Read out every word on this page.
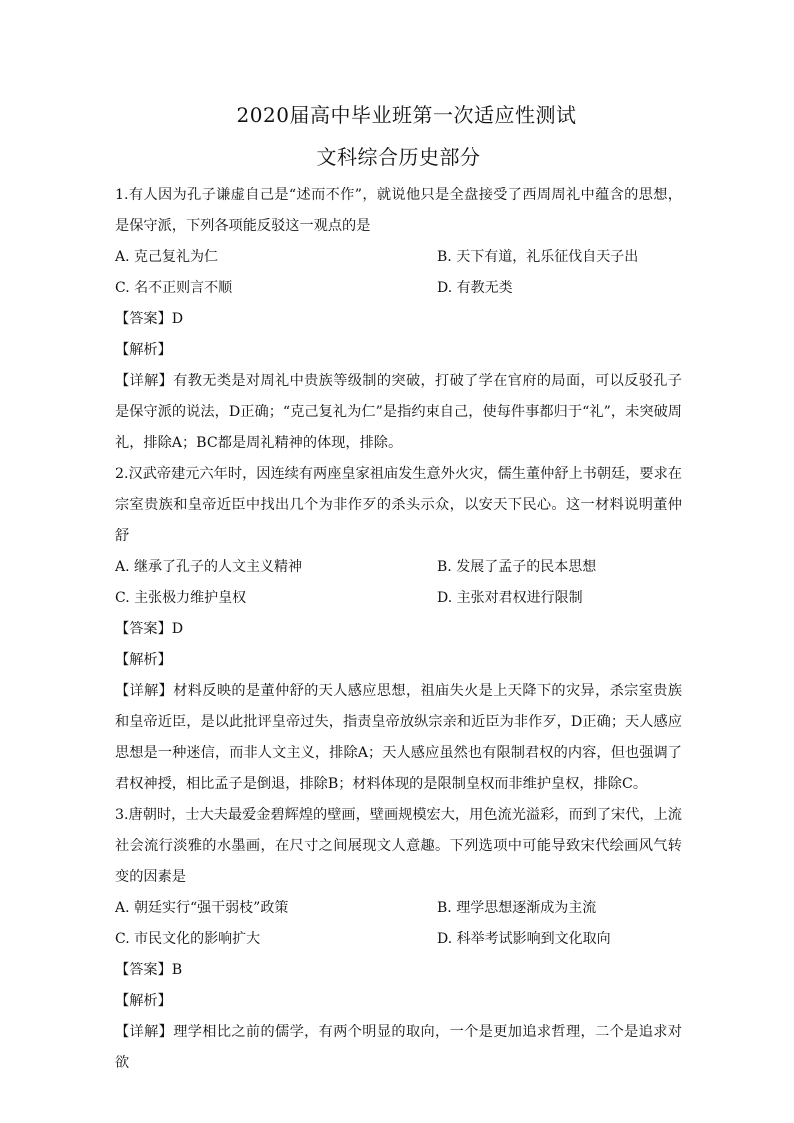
2020届高中毕业班第一次适应性测试
文科综合历史部分

1.有人因为孔子谦虚自己是“述而不作”，就说他只是全盘接受了西周周礼中蕴含的思想，是保守派，下列各项能反驳这一观点的是

A. 克己复礼为仁	B. 天下有道，礼乐征伐自天子出

C. 名不正则言不顺	D. 有教无类

【答案】D

【解析】

【详解】有教无类是对周礼中贵族等级制的突破，打破了学在官府的局面，可以反驳孔子是保守派的说法，D正确；“克己复礼为仁”是指约束自己，使每件事都归于“礼”，未突破周礼，排除A；BC都是周礼精神的体现，排除。

2.汉武帝建元六年时，因连续有两座皇家祖庙发生意外火灾，儒生董仲舒上书朝廷，要求在宗室贵族和皇帝近臣中找出几个为非作歹的杀头示众，以安天下民心。这一材料说明董仲舒

A. 继承了孔子的人文主义精神	B. 发展了孟子的民本思想

C. 主张极力维护皇权	D. 主张对君权进行限制

【答案】D

【解析】

【详解】材料反映的是董仲舒的天人感应思想，祖庙失火是上天降下的灾异，杀宗室贵族和皇帝近臣，是以此批评皇帝过失，指责皇帝放纵宗亲和近臣为非作歹，D正确；天人感应思想是一种迷信，而非人文主义，排除A；天人感应虽然也有限制君权的内容，但也强调了君权神授，相比孟子是倒退，排除B；材料体现的是限制皇权而非维护皇权，排除C。

3.唐朝时，士大夫最爱金碧辉煌的壁画，壁画规模宏大，用色流光溢彩，而到了宋代，上流社会流行淡雅的水墨画，在尺寸之间展现文人意趣。下列选项中可能导致宋代绘画风气转变的因素是

A. 朝廷实行“强干弱枝”政策	B. 理学思想逐渐成为主流

C. 市民文化的影响扩大	D. 科举考试影响到文化取向

【答案】B

【解析】

【详解】理学相比之前的儒学，有两个明显的取向，一个是更加追求哲理，二个是追求对欲
